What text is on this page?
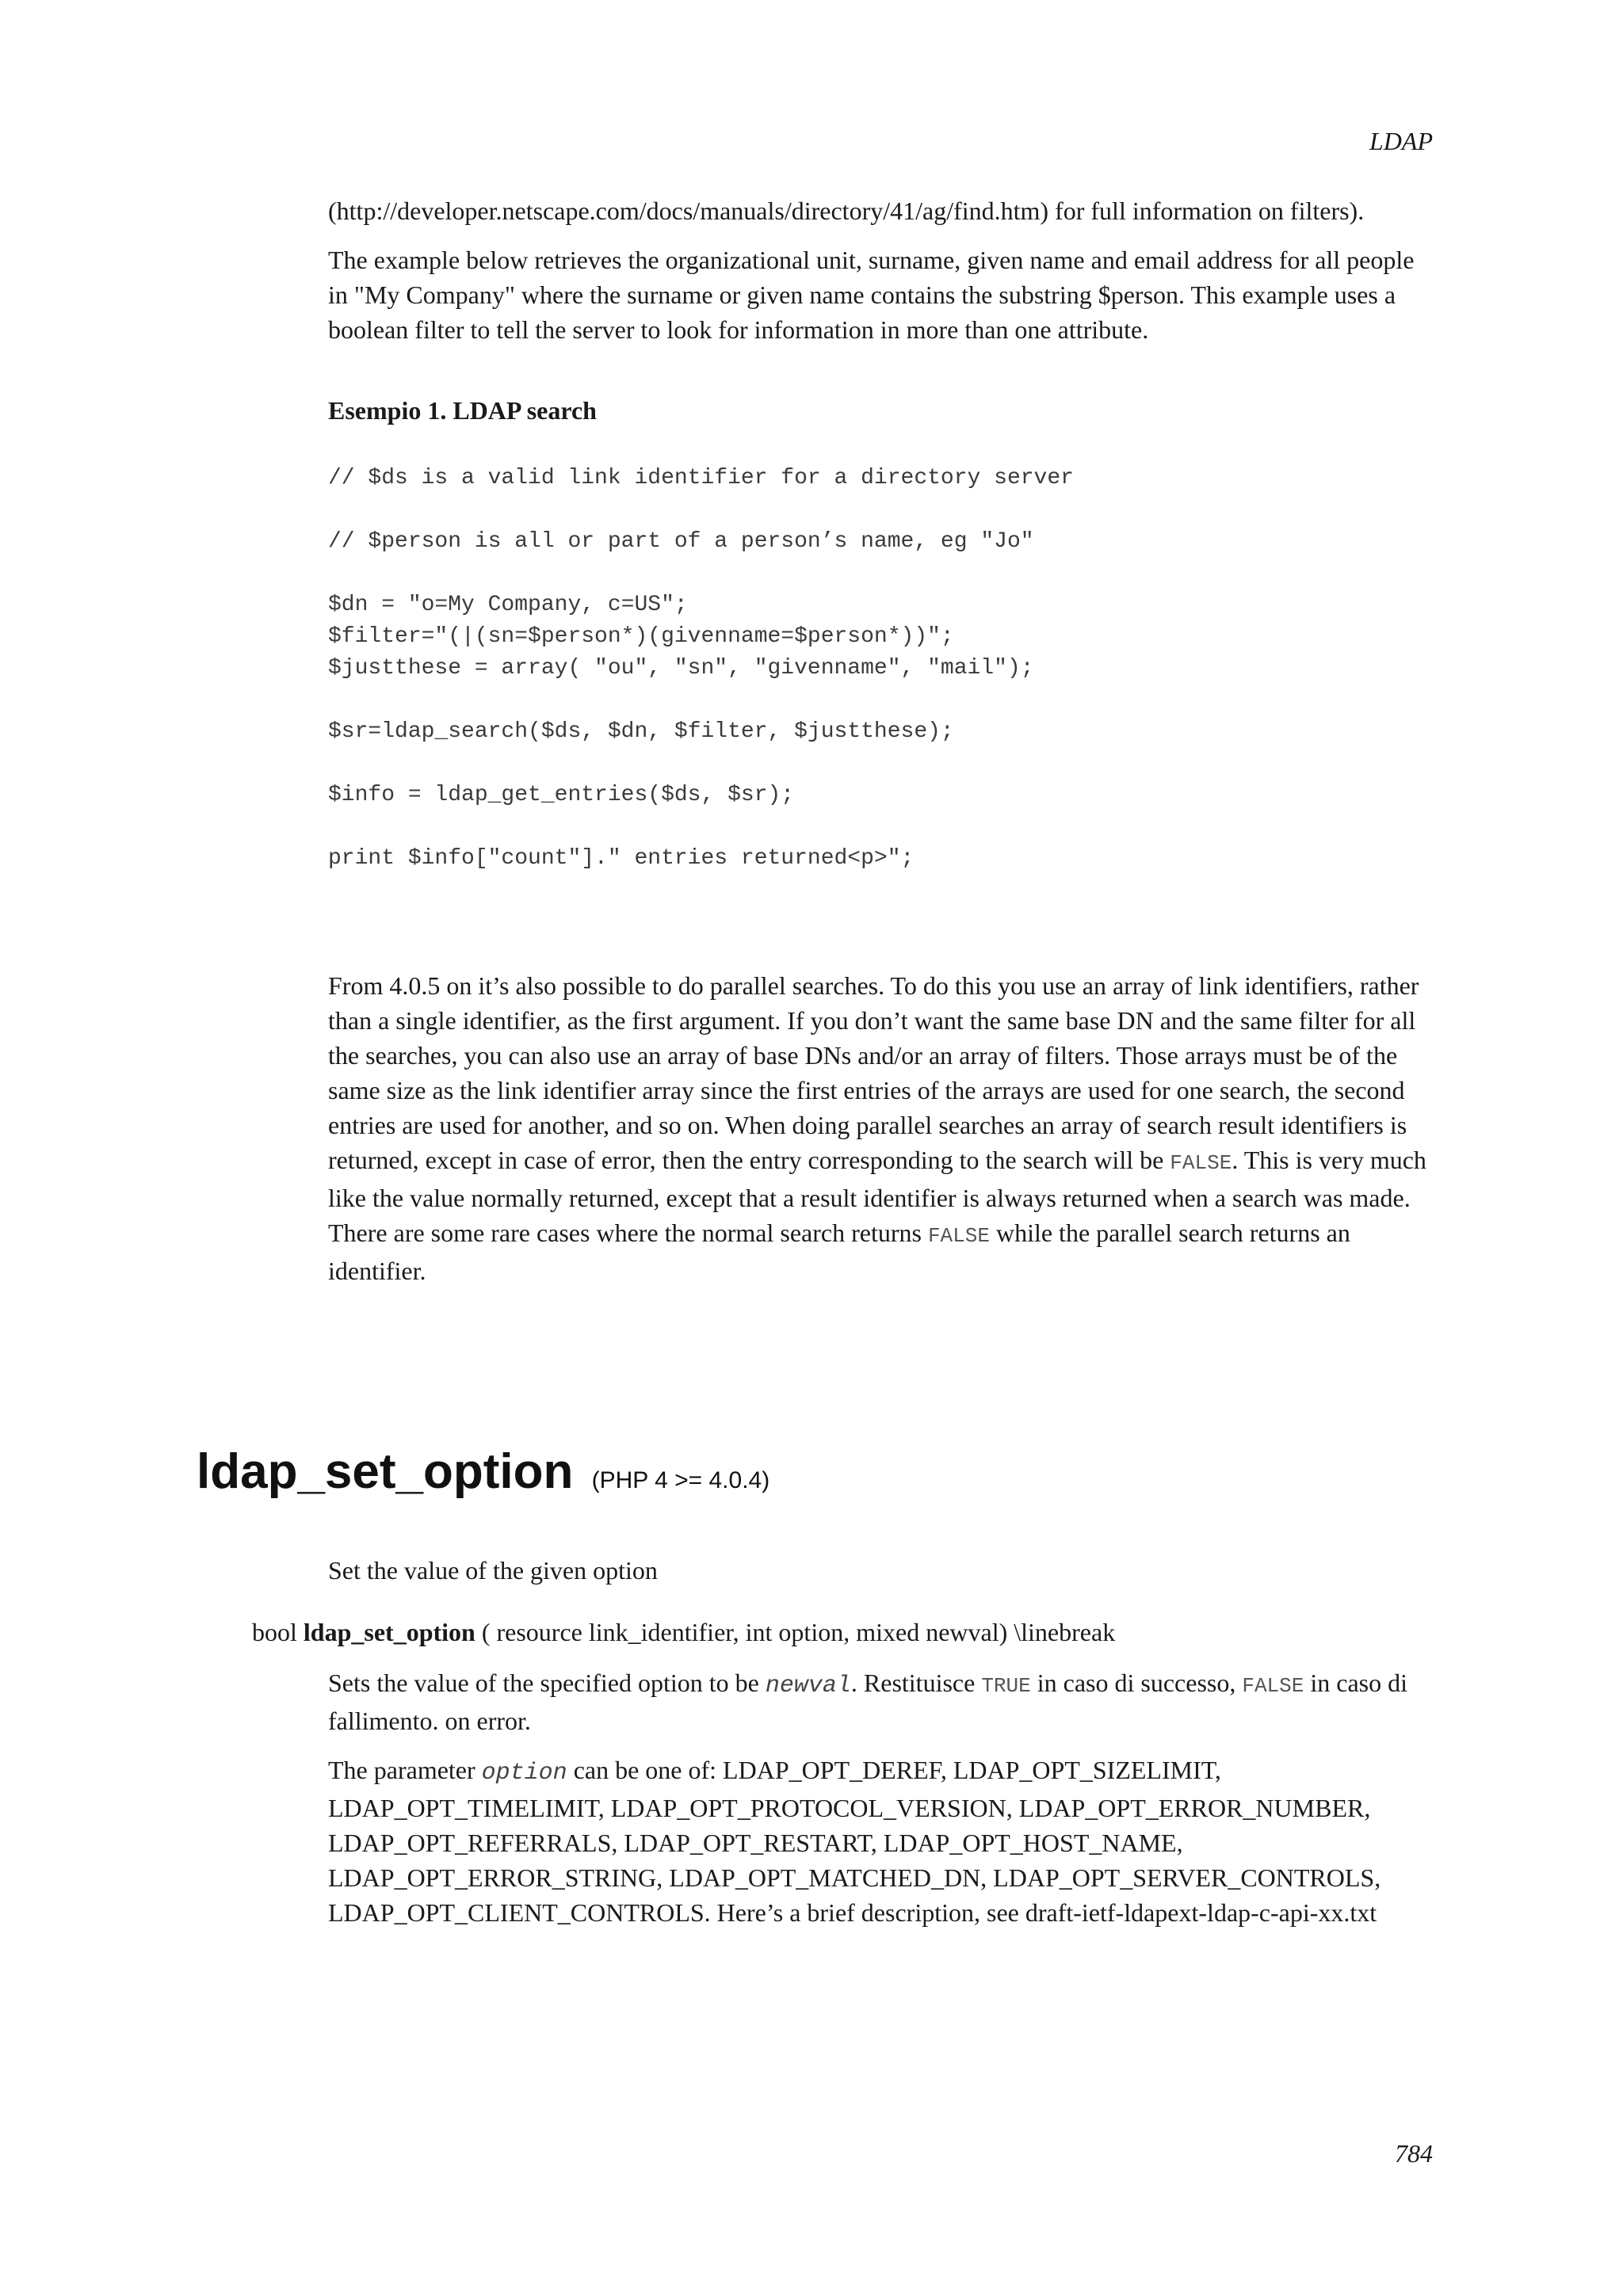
LDAP

(http://developer.netscape.com/docs/manuals/directory/41/ag/find.htm) for full information on filters).

The example below retrieves the organizational unit, surname, given name and email address for all people in "My Company" where the surname or given name contains the substring $person. This example uses a boolean filter to tell the server to look for information in more than one attribute.

Esempio 1. LDAP search
// $ds is a valid link identifier for a directory server

// $person is all or part of a person’s name, eg "Jo"

$dn = "o=My Company, c=US";
$filter="(|(sn=$person*)(givenname=$person*))";
$justthese = array( "ou", "sn", "givenname", "mail");

$sr=ldap_search($ds, $dn, $filter, $justthese);

$info = ldap_get_entries($ds, $sr);

print $info["count"]." entries returned<p>";

From 4.0.5 on it’s also possible to do parallel searches. To do this you use an array of link identifiers, rather than a single identifier, as the first argument. If you don’t want the same base DN and the same filter for all the searches, you can also use an array of base DNs and/or an array of filters. Those arrays must be of the same size as the link identifier array since the first entries of the arrays are used for one search, the second entries are used for another, and so on. When doing parallel searches an array of search result identifiers is returned, except in case of error, then the entry corresponding to the search will be FALSE. This is very much like the value normally returned, except that a result identifier is always returned when a search was made. There are some rare cases where the normal search returns FALSE while the parallel search returns an identifier.

ldap_set_option (PHP 4 >= 4.0.4)
Set the value of the given option
bool ldap_set_option ( resource link_identifier, int option, mixed newval) \linebreak

Sets the value of the specified option to be newval. Restituisce TRUE in caso di successo, FALSE in caso di fallimento. on error.

The parameter option can be one of: LDAP_OPT_DEREF, LDAP_OPT_SIZELIMIT, LDAP_OPT_TIMELIMIT, LDAP_OPT_PROTOCOL_VERSION, LDAP_OPT_ERROR_NUMBER, LDAP_OPT_REFERRALS, LDAP_OPT_RESTART, LDAP_OPT_HOST_NAME, LDAP_OPT_ERROR_STRING, LDAP_OPT_MATCHED_DN, LDAP_OPT_SERVER_CONTROLS, LDAP_OPT_CLIENT_CONTROLS. Here’s a brief description, see draft-ietf-ldapext-ldap-c-api-xx.txt

784
